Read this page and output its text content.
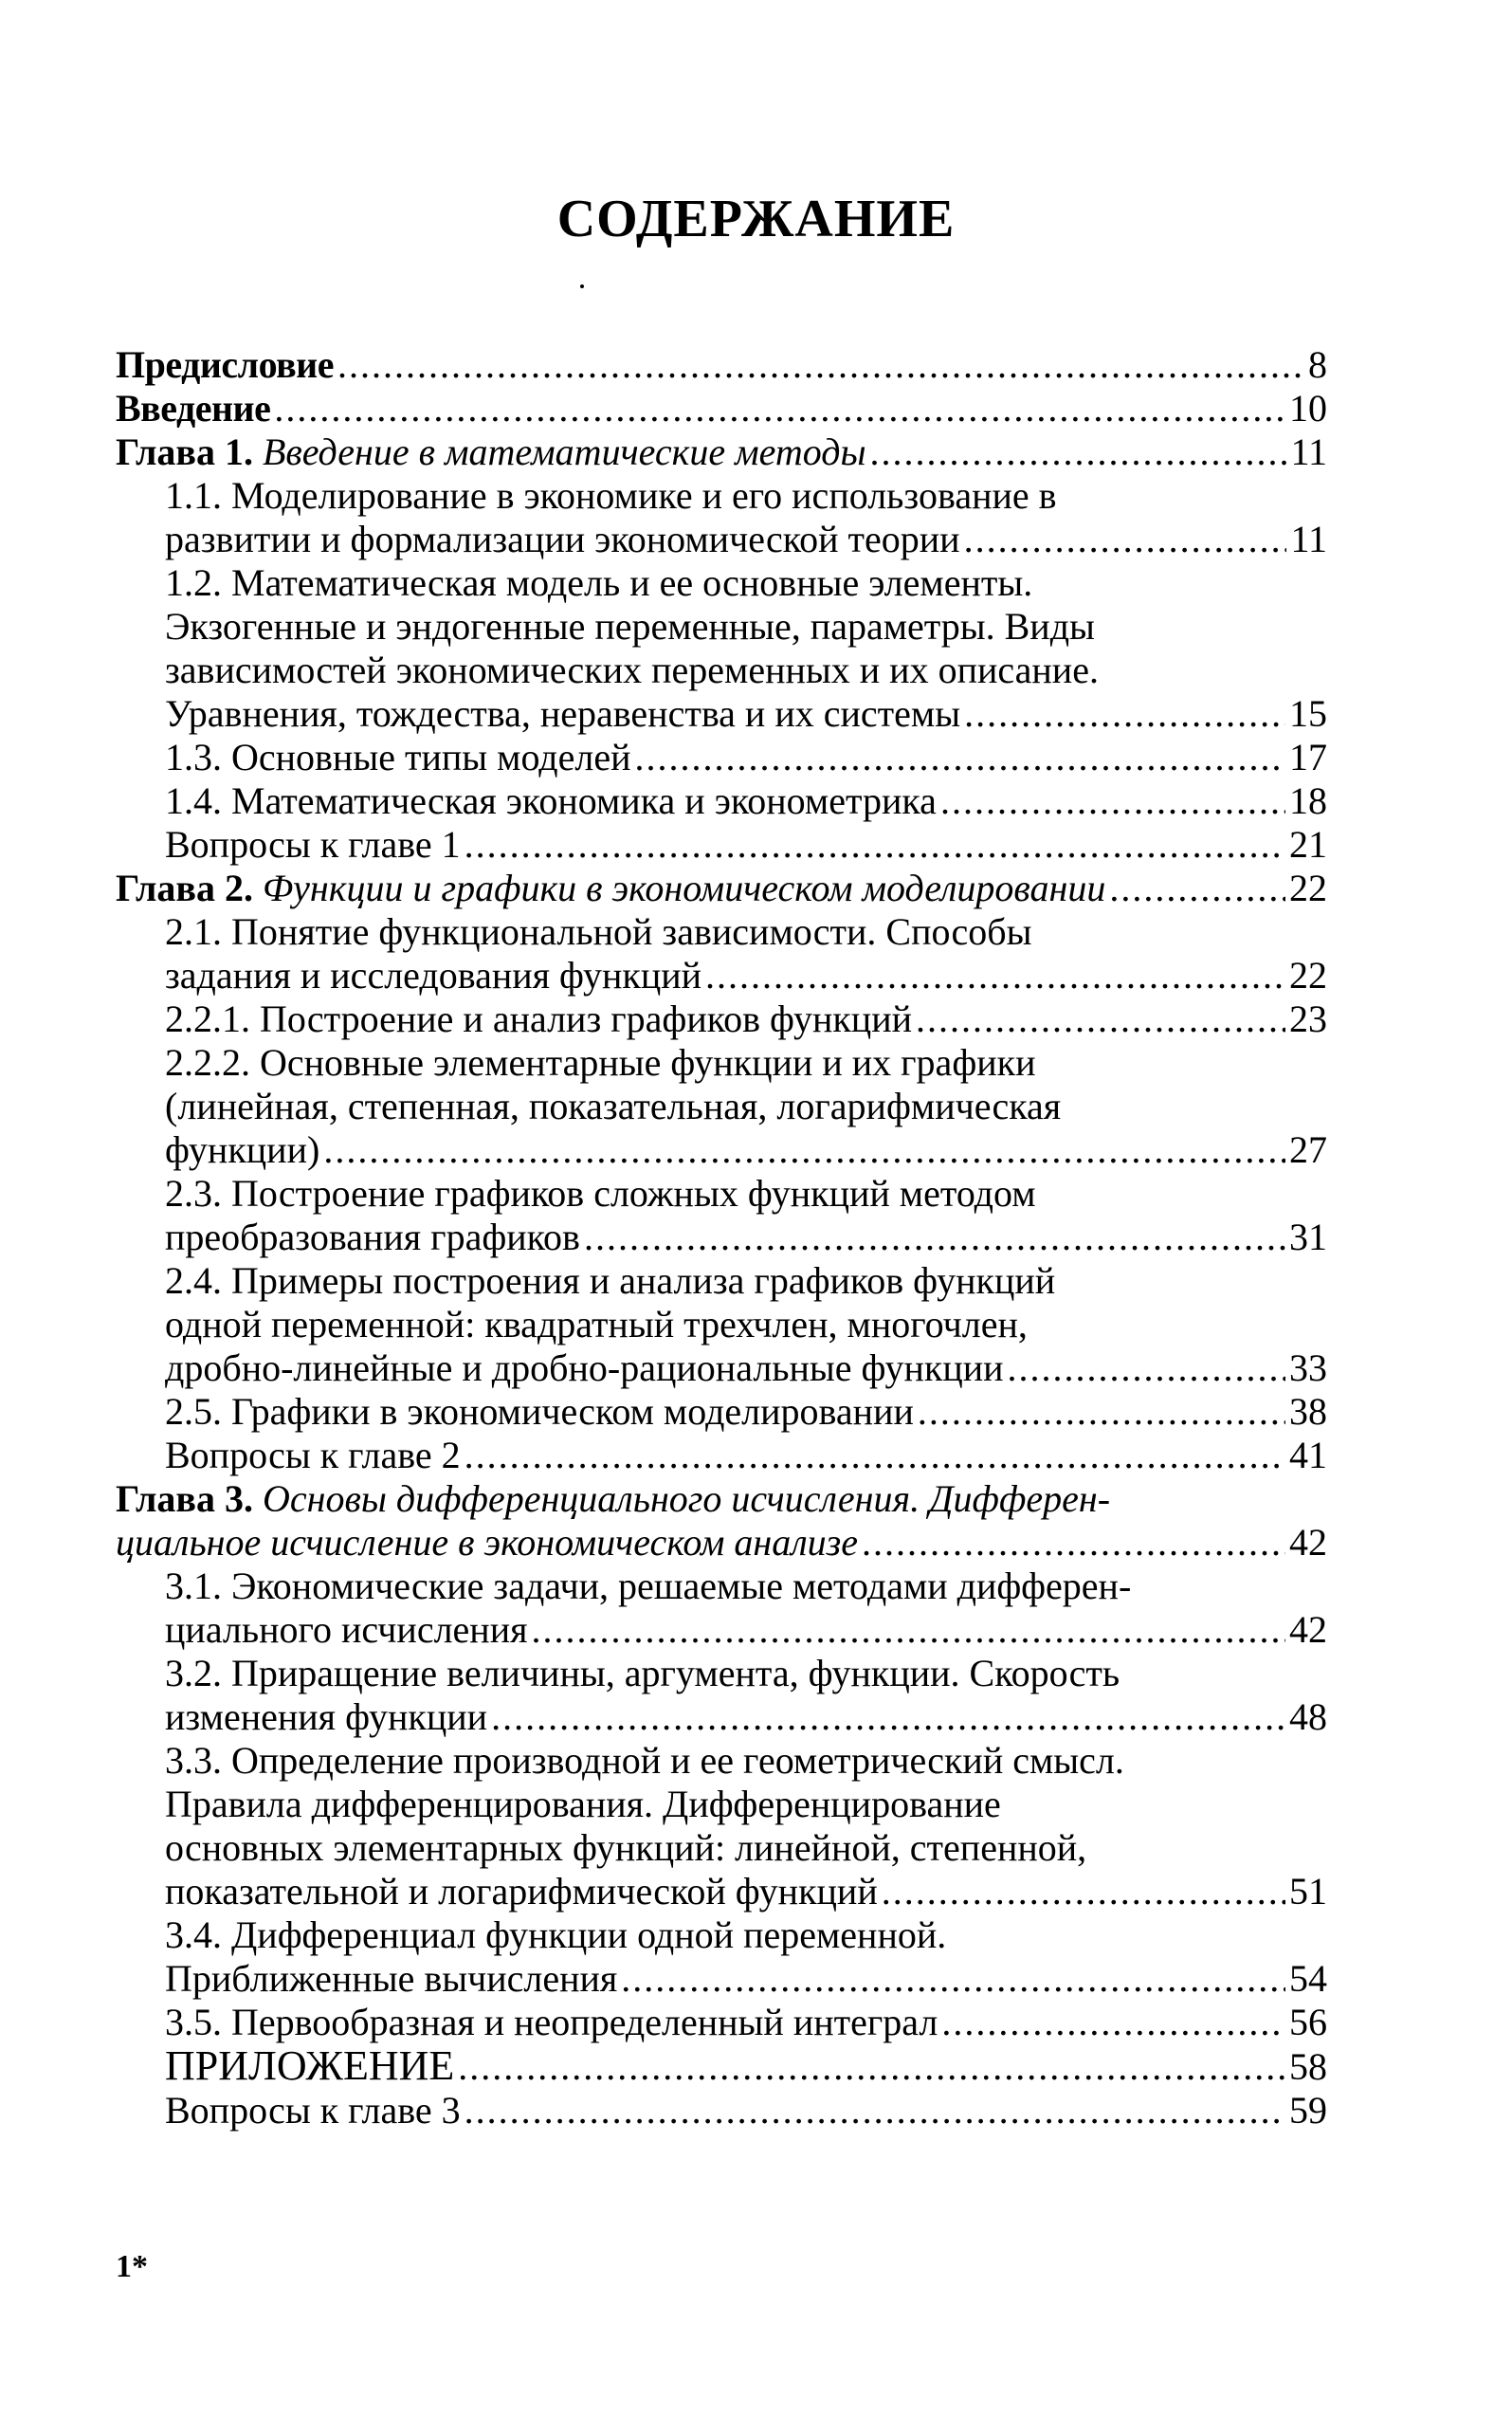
СОДЕРЖАНИЕ
Предисловие .....	8
Введение .....	10
Глава 1. Введение в математические методы .....	11
1.1. Моделирование в экономике и его использование в
развитии и формализации экономической теории .....	11
1.2. Математическая модель и ее основные элементы.
Экзогенные и эндогенные переменные, параметры. Виды
зависимостей экономических переменных и их описание.
Уравнения, тождества, неравенства и их системы .....	15
1.3. Основные типы моделей .....	17
1.4. Математическая экономика и эконометрика .....	18
Вопросы к главе 1 .....	21
Глава 2. Функции и графики в экономическом моделировании .....	22
2.1. Понятие функциональной зависимости. Способы
задания и исследования функций .....	22
2.2.1. Построение и анализ графиков функций .....	23
2.2.2. Основные элементарные функции и их графики
(линейная, степенная, показательная, логарифмическая
функции) .....	27
2.3. Построение графиков сложных функций методом
преобразования графиков .....	31
2.4. Примеры построения и анализа графиков функций
одной переменной: квадратный трехчлен, многочлен,
дробно-линейные и дробно-рациональные функции .....	33
2.5. Графики в экономическом моделировании .....	38
Вопросы к главе 2 .....	41
Глава 3. Основы дифференциального исчисления. Дифферен-
циальное исчисление в экономическом анализе .....	42
3.1. Экономические задачи, решаемые методами дифферен-
циального исчисления .....	42
3.2. Приращение величины, аргумента, функции. Скорость
изменения функции .....	48
3.3. Определение производной и ее геометрический смысл.
Правила дифференцирования. Дифференцирование
основных элементарных функций: линейной, степенной,
показательной и логарифмической функций .....	51
3.4. Дифференциал функции одной переменной.
Приближенные вычисления .....	54
3.5. Первообразная и неопределенный интеграл .....	56
ПРИЛОЖЕНИЕ .....	58
Вопросы к главе 3 .....	59
1*
